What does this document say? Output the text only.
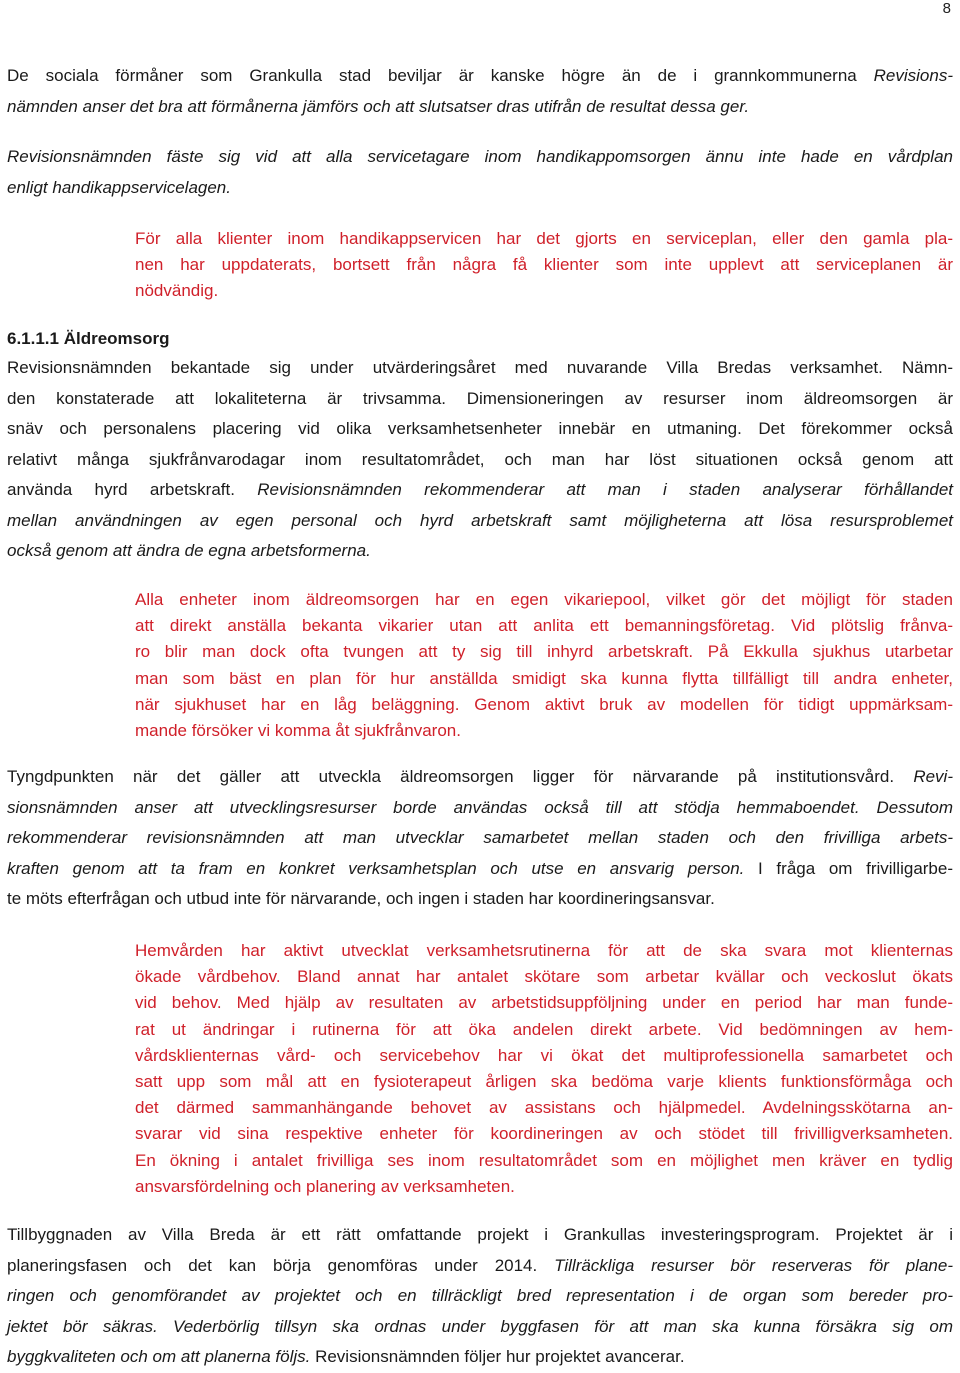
8
De sociala förmåner som Grankulla stad beviljar är kanske högre än de i grannkommunerna Revisions-
nämnden anser det bra att förmånerna jämförs och att slutsatser dras utifrån de resultat dessa ger.
Revisionsnämnden fäste sig vid att alla servicetagare inom handikappomsorgen ännu inte hade en vårdplan
enligt handikappservicelagen.
För alla klienter inom handikappservicen har det gjorts en serviceplan, eller den gamla pla-
nen har uppdaterats, bortsett från några få klienter som inte upplevt att serviceplanen är
nödvändig.
6.1.1.1 Äldreomsorg
Revisionsnämnden bekantade sig under utvärderingsåret med nuvarande Villa Bredas verksamhet. Nämn-
den konstaterade att lokaliteterna är trivsamma. Dimensioneringen av resurser inom äldreomsorgen är
snäv och personalens placering vid olika verksamhetsenheter innebär en utmaning. Det förekommer också
relativt många sjukfrånvarodagar inom resultatområdet, och man har löst situationen också genom att
använda hyrd arbetskraft. Revisionsnämnden rekommenderar att man i staden analyserar förhållandet
mellan användningen av egen personal och hyrd arbetskraft samt möjligheterna att lösa resursproblemet
också genom att ändra de egna arbetsformerna.
Alla enheter inom äldreomsorgen har en egen vikariepool, vilket gör det möjligt för staden
att direkt anställa bekanta vikarier utan att anlita ett bemanningsföretag. Vid plötslig frånva-
ro blir man dock ofta tvungen att ty sig till inhyrd arbetskraft. På Ekkulla sjukhus utarbetar
man som bäst en plan för hur anställda smidigt ska kunna flytta tillfälligt till andra enheter,
när sjukhuset har en låg beläggning. Genom aktivt bruk av modellen för tidigt uppmärksam-
mande försöker vi komma åt sjukfrånvaron.
Tyngdpunkten när det gäller att utveckla äldreomsorgen ligger för närvarande på institutionsvård. Revi-
sionsnämnden anser att utvecklingsresurser borde användas också till att stödja hemmaboendet. Dessutom
rekommenderar revisionsnämnden att man utvecklar samarbetet mellan staden och den frivilliga arbets-
kraften genom att ta fram en konkret verksamhetsplan och utse en ansvarig person. I fråga om frivilligarbe-
te möts efterfrågan och utbud inte för närvarande, och ingen i staden har koordineringsansvar.
Hemvården har aktivt utvecklat verksamhetsrutinerna för att de ska svara mot klienternas
ökade vårdbehov. Bland annat har antalet skötare som arbetar kvällar och veckoslut ökats
vid behov. Med hjälp av resultaten av arbetstidsuppföljning under en period har man funde-
rat ut ändringar i rutinerna för att öka andelen direkt arbete. Vid bedömningen av hem-
vårdsklienternas vård- och servicebehov har vi ökat det multiprofessionella samarbetet och
satt upp som mål att en fysioterapeut årligen ska bedöma varje klients funktionsförmåga och
det därmed sammanhängande behovet av assistans och hjälpmedel. Avdelningsskötarna an-
svarar vid sina respektive enheter för koordineringen av och stödet till frivilligverksamheten.
En ökning i antalet frivilliga ses inom resultatområdet som en möjlighet men kräver en tydlig
ansvarsfördelning och planering av verksamheten.
Tillbyggnaden av Villa Breda är ett rätt omfattande projekt i Grankullas investeringsprogram. Projektet är i
planeringsfasen och det kan börja genomföras under 2014. Tillräckliga resurser bör reserveras för plane-
ringen och genomförandet av projektet och en tillräckligt bred representation i de organ som bereder pro-
jektet bör säkras. Vederbörlig tillsyn ska ordnas under byggfasen för att man ska kunna försäkra sig om
byggkvaliteten och om att planerna följs. Revisionsnämnden följer hur projektet avancerar.
